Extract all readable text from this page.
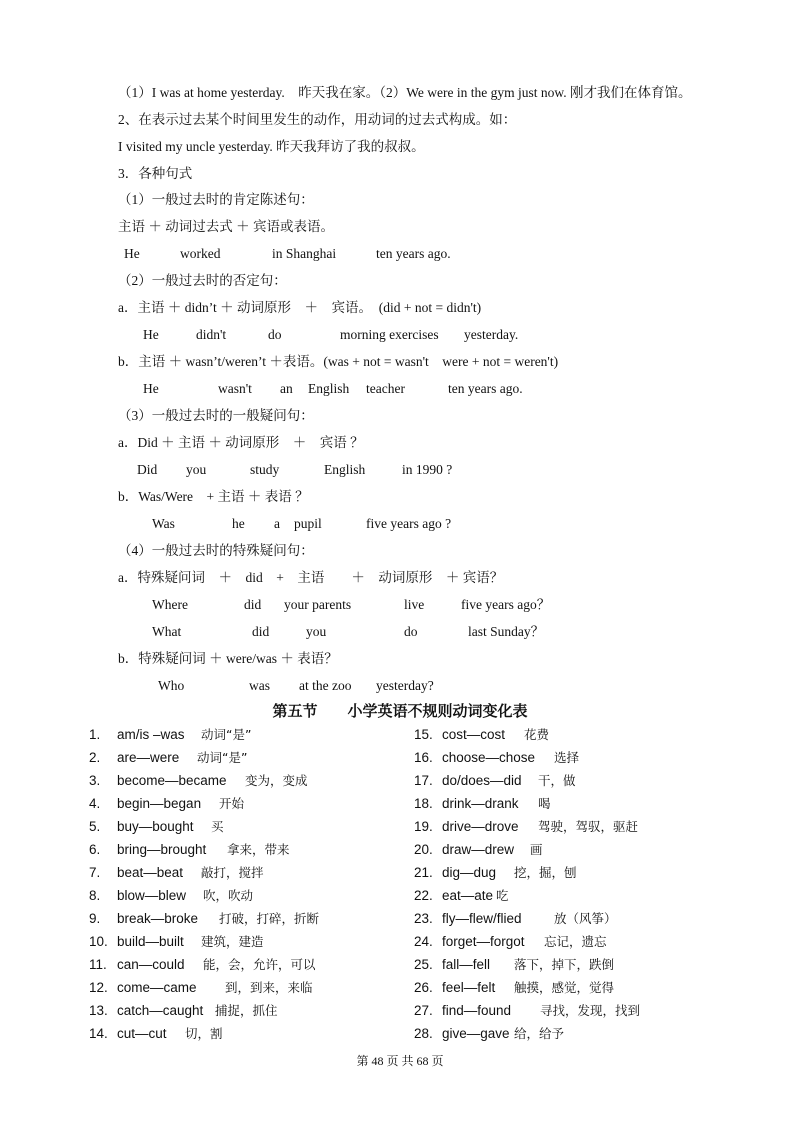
（1）I was at home yesterday.　昨天我在家。（2）We were in the gym just now. 刚才我们在体育馆。
2、在表示过去某个时间里发生的动作，用动词的过去式构成。如：
I visited my uncle yesterday. 昨天我拜访了我的叔叔。
3．各种句式
（1）一般过去时的肯定陈述句：
主语 ＋ 动词过去式 ＋ 宾语或表语。
He	worked	in Shanghai	ten years ago.
（2）一般过去时的否定句：
a．主语 ＋ didn’t ＋ 动词原形　＋　宾语。　(did + not = didn't)
He	didn't	do	morning exercises yesterday.
b．主语 ＋ wasn’t/weren’t ＋表语。(was + not = wasn't　were + not = weren't)
He	wasn't an English teacher	ten years ago.
（3）一般过去时的一般疑问句：
a．Did ＋ 主语 ＋ 动词原形　＋　宾语 ？
Did you	study	English	in 1990 ?
b．Was/Were　+ 主语 ＋ 表语 ？
Was	he a pupil	five years ago ?
（4）一般过去时的特殊疑问句：
a．特殊疑问词　＋　did　+　主语　　＋　动词原形　＋ 宾语？
Where	did your parents	live	five years ago？
What	did	you	do	last Sunday？
b．特殊疑问词 ＋ were/was ＋ 表语？
Who	was at the zoo yesterday?
第五节　　小学英语不规则动词变化表
1. am/is –was 动词“是”
2. are—were 动词“是”
3. become—became 变为，变成
4. begin—began 开始
5. buy—bought 买
6. bring—brought 拿来，带来
7. beat—beat 敲打，搅拌
8. blow—blew 吹，吹动
9. break—broke 打破，打碎，折断
10. build—built 建筑，建造
11. can—could 能，会，允许，可以
12. come—came 到，到来，来临
13. catch—caught 捕捉，抓住
14. cut—cut 切，割
15. cost—cost 花费
16. choose—chose 选择
17. do/does—did 干，做
18. drink—drank 喝
19. drive—drove 驾驶，驾驭，驱赶
20. draw—drew 画
21. dig—dug 挖，掘，刨
22. eat—ate 吃
23. fly—flew/flied	放（风筝）
24. forget—forgot 忘记，遗忘
25. fall—fell 落下，掉下，跌倒
26. feel—felt 触摸，感觉，觉得
27. find—found 寻找，发现，找到
28. give—gave 给，给予
第 48 页 共 68 页
